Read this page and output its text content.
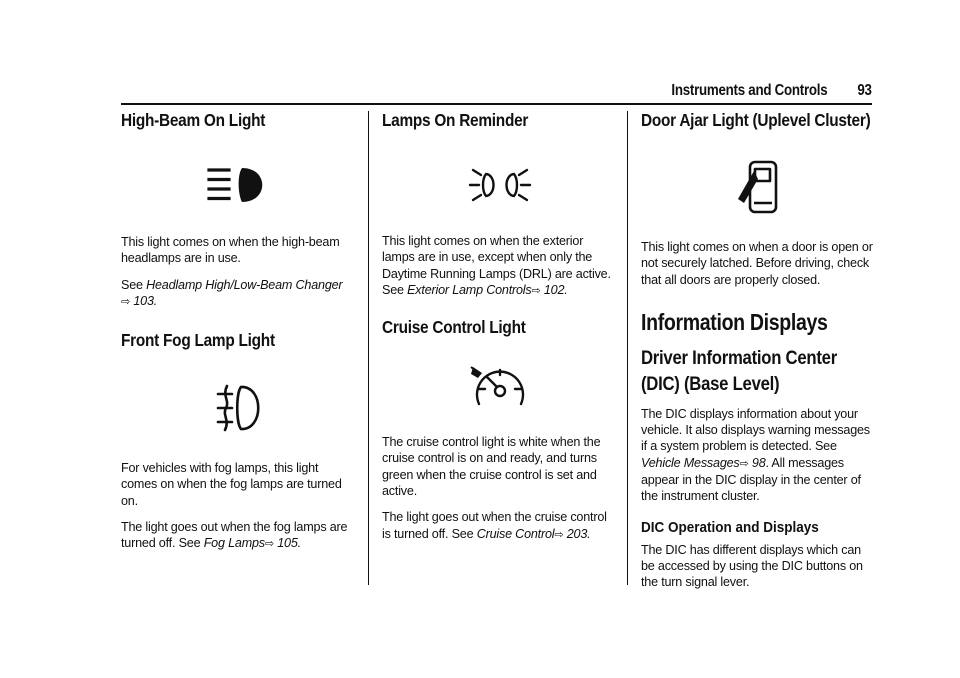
Instruments and Controls 93
High-Beam On Light

This light comes on when the high-beam headlamps are in use.

See Headlamp High/Low-Beam Changer
⇨ 103.

Front Fog Lamp Light

For vehicles with fog lamps, this light comes on when the fog lamps are turned on.

The light goes out when the fog lamps are turned off. See Fog Lamps⇨ 105.

Lamps On Reminder

This light comes on when the exterior lamps are in use, except when only the Daytime Running Lamps (DRL) are active. See Exterior Lamp Controls⇨ 102.

Cruise Control Light

The cruise control light is white when the cruise control is on and ready, and turns green when the cruise control is set and active.

The light goes out when the cruise control is turned off. See Cruise Control⇨ 203.

Door Ajar Light (Uplevel Cluster)

This light comes on when a door is open or not securely latched. Before driving, check that all doors are properly closed.

Information Displays
Driver Information Center (DIC) (Base Level)

The DIC displays information about your vehicle. It also displays warning messages if a system problem is detected. See Vehicle Messages⇨ 98. All messages appear in the DIC display in the center of the instrument cluster.

DIC Operation and Displays

The DIC has different displays which can be accessed by using the DIC buttons on the turn signal lever.
